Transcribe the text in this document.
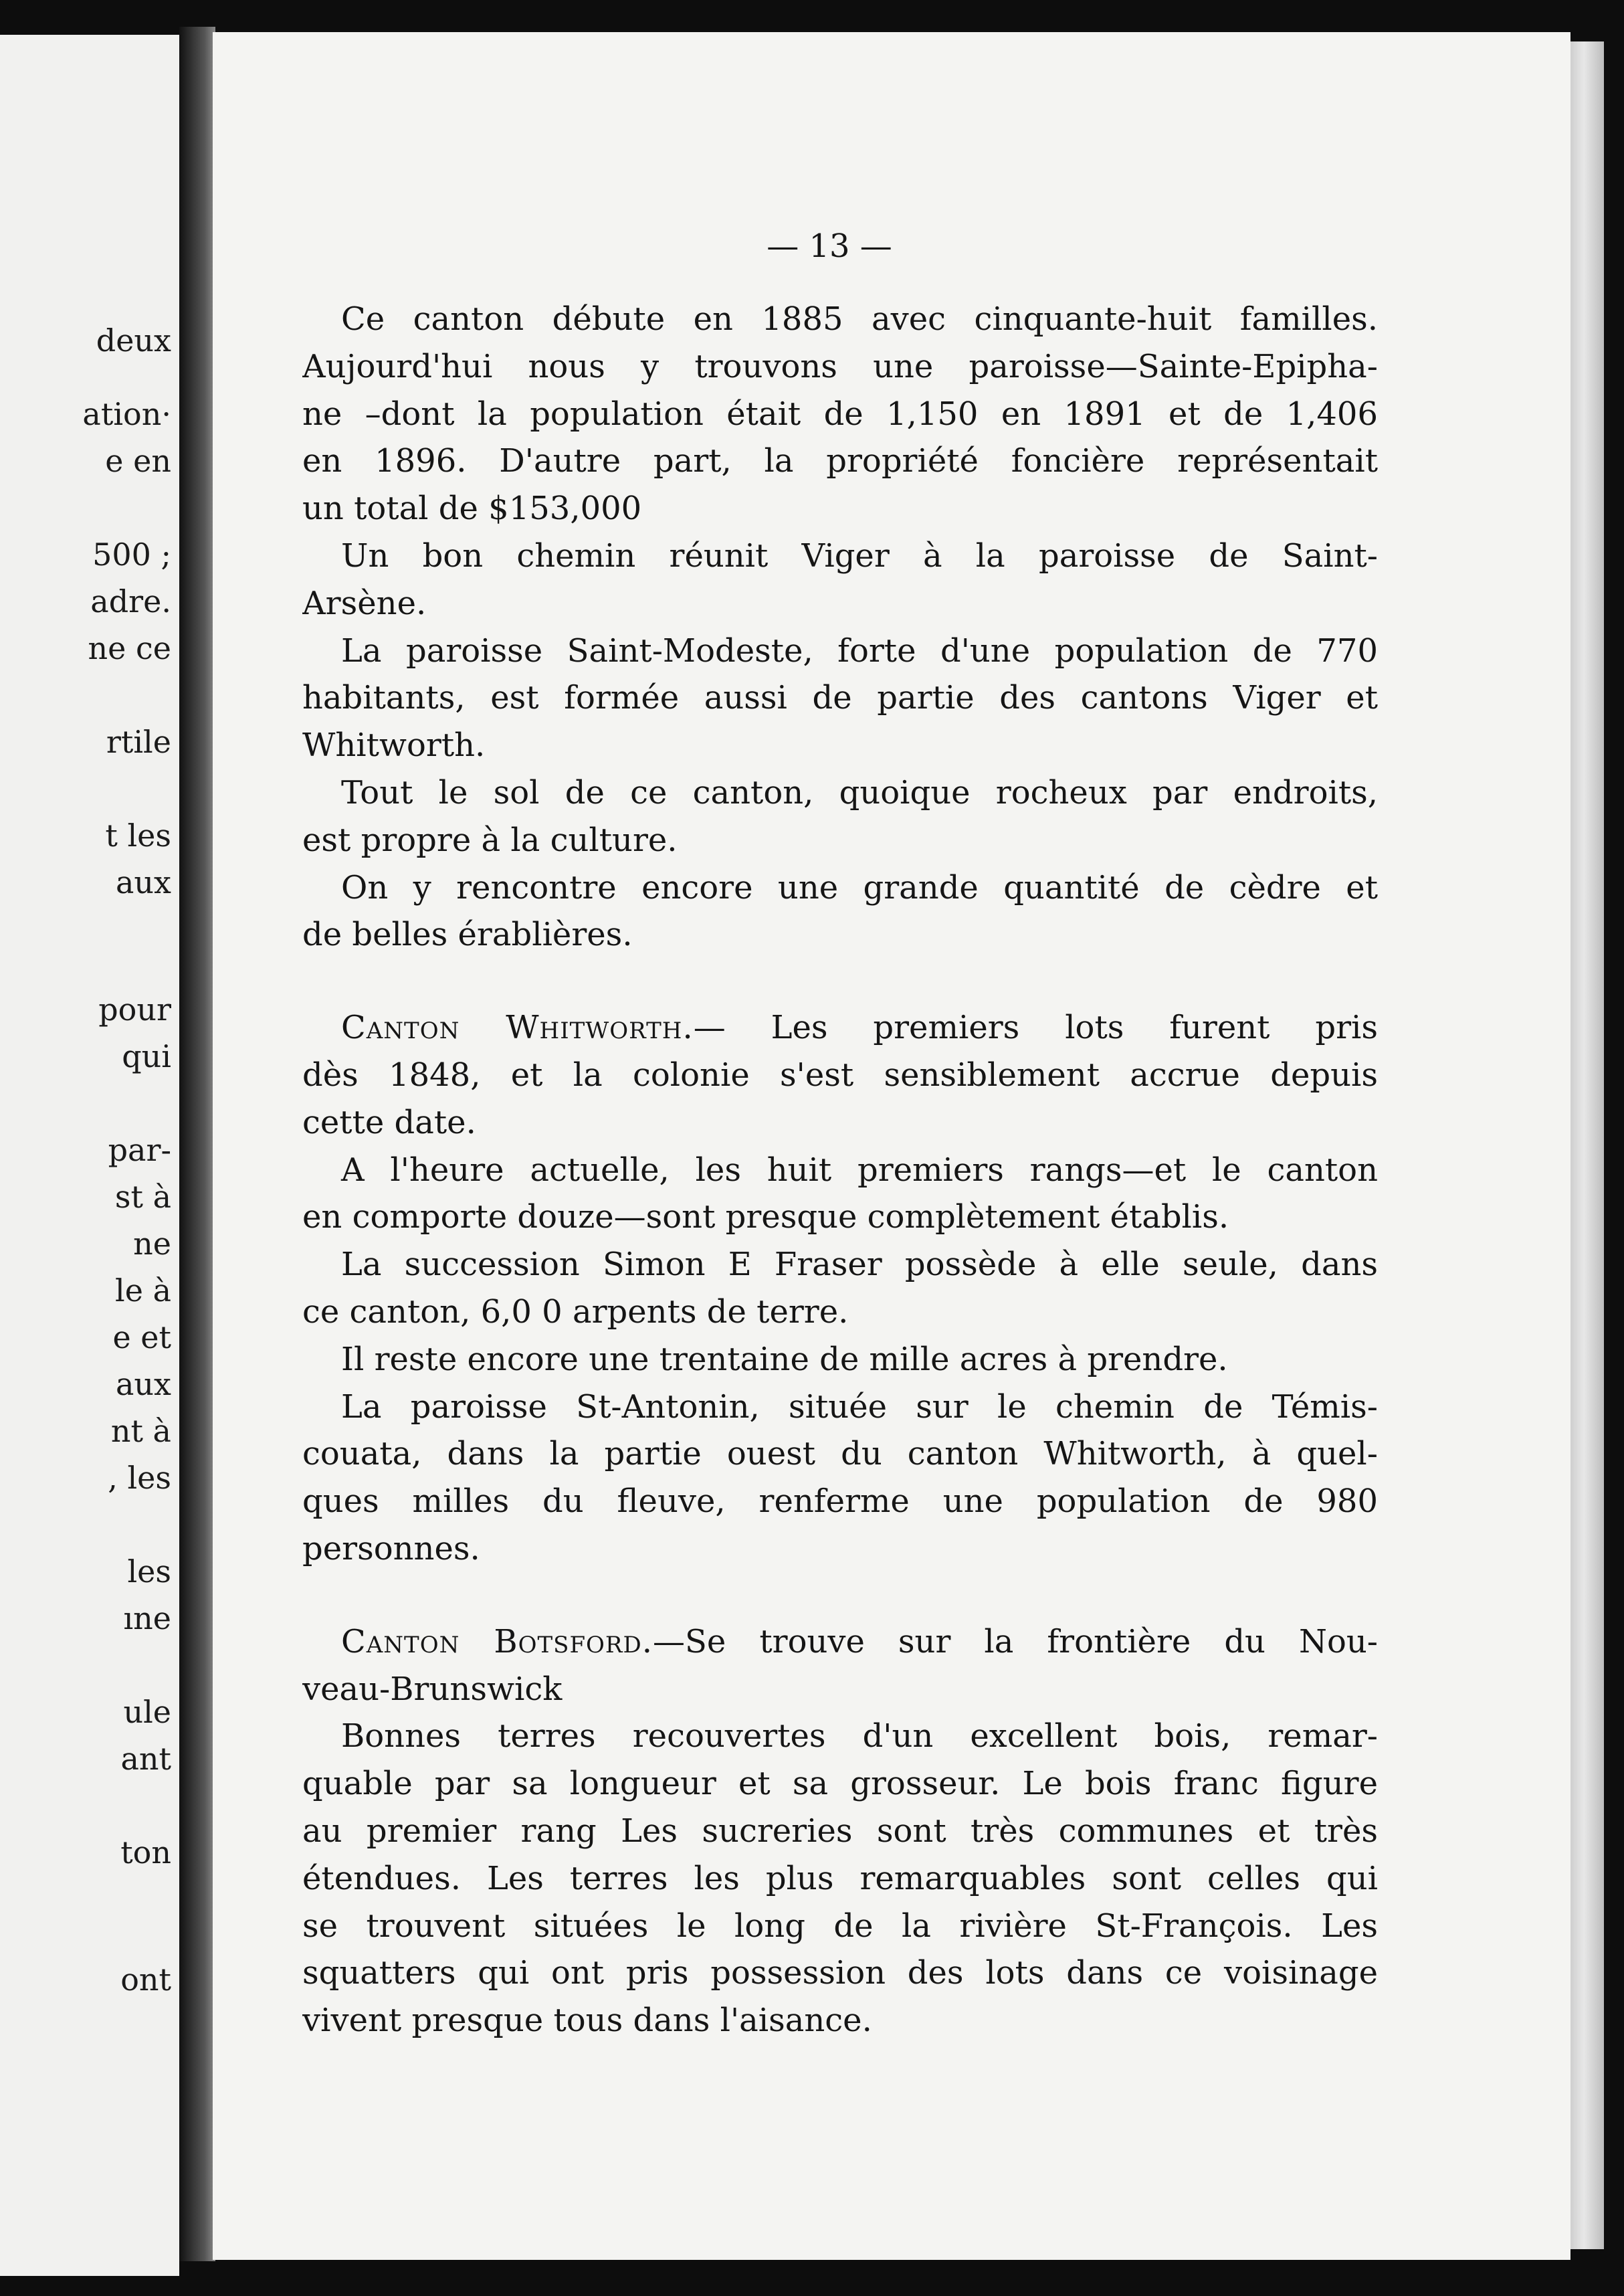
deux
ation·
e en
500 ;
adre.
ne ce
rtile
t les
aux
pour
qui
par-
st à
ne
le à
e et
aux
nt à
, les
les
ıne
ule
ant
ton
ont
— 13 —
Ce canton débute en 1885 avec cinquante-huit familles.
Aujourd'hui nous y trouvons une paroisse—Sainte-Epipha-
ne –dont la population était de 1,150 en 1891 et de 1,406
en 1896. D'autre part, la propriété foncière représentait
un total de $153,000
Un bon chemin réunit Viger à la paroisse de Saint-
Arsène.
La paroisse Saint-Modeste, forte d'une population de 770
habitants, est formée aussi de partie des cantons Viger et
Whitworth.
Tout le sol de ce canton, quoique rocheux par endroits,
est propre à la culture.
On y rencontre encore une grande quantité de cèdre et
de belles érablières.
Canton Whitworth.— Les premiers lots furent pris
dès 1848, et la colonie s'est sensiblement accrue depuis
cette date.
A l'heure actuelle, les huit premiers rangs—et le canton
en comporte douze—sont presque complètement établis.
La succession Simon E Fraser possède à elle seule, dans
ce canton, 6,0 0 arpents de terre.
Il reste encore une trentaine de mille acres à prendre.
La paroisse St-Antonin, située sur le chemin de Témis-
couata, dans la partie ouest du canton Whitworth, à quel-
ques milles du fleuve, renferme une population de 980
personnes.
Canton Botsford.—Se trouve sur la frontière du Nou-
veau-Brunswick
Bonnes terres recouvertes d'un excellent bois, remar-
quable par sa longueur et sa grosseur. Le bois franc figure
au premier rang Les sucreries sont très communes et très
étendues. Les terres les plus remarquables sont celles qui
se trouvent situées le long de la rivière St-François. Les
squatters qui ont pris possession des lots dans ce voisinage
vivent presque tous dans l'aisance.
